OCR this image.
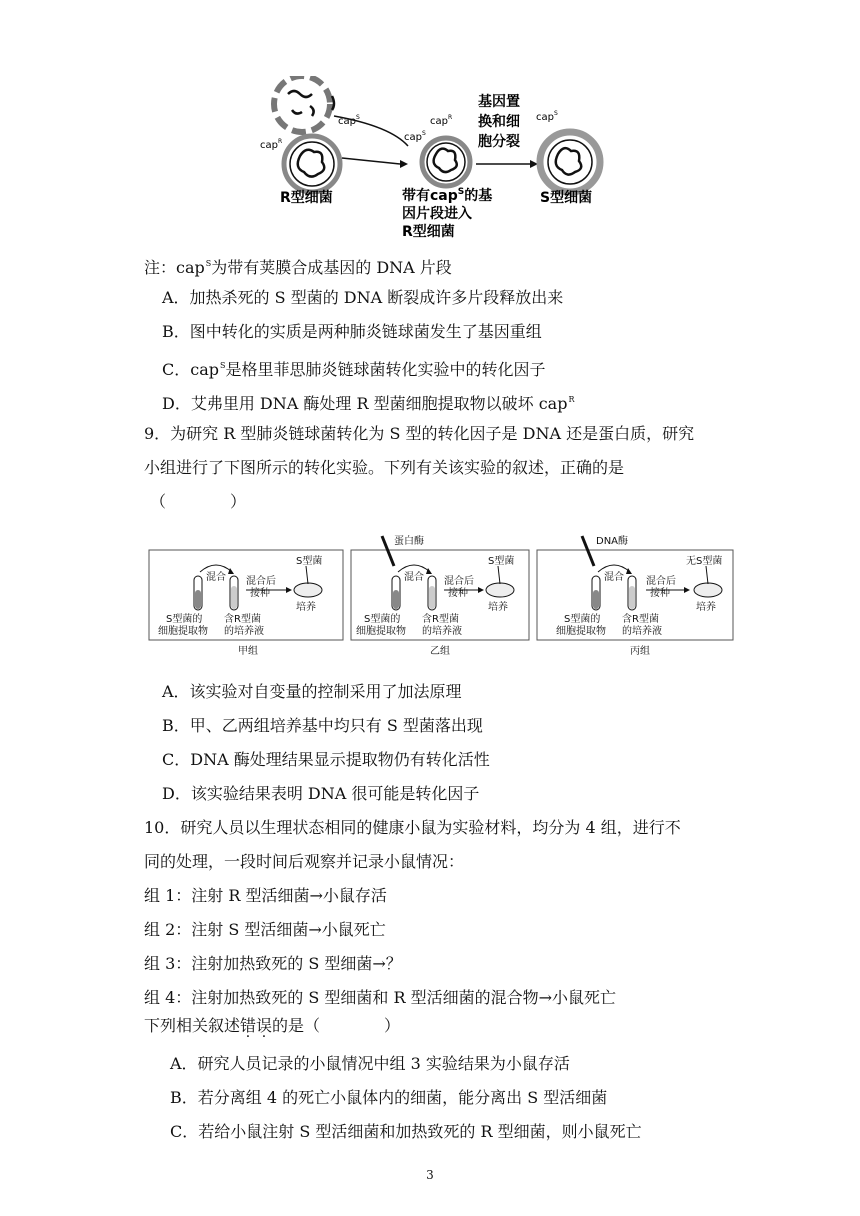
cap$^S$
cap$^R$
R型细菌
cap$^S$
cap$^R$
带有cap$^S$的基
因片段进入
R型细菌
基因置
换和细
胞分裂
cap$^S$
S型细菌
注：cap$^S$为带有荚膜合成基因的 DNA 片段
A．加热杀死的 S 型菌的 DNA 断裂成许多片段释放出来
B．图中转化的实质是两种肺炎链球菌发生了基因重组
C．cap$^S$是格里菲思肺炎链球菌转化实验中的转化因子
D．艾弗里用 DNA 酶处理 R 型菌细胞提取物以破坏 cap$^R$
9．为研究 R 型肺炎链球菌转化为 S 型的转化因子是 DNA 还是蛋白质，研究
小组进行了下图所示的转化实验。下列有关该实验的叙述，正确的是
（　　　　）
混合 混合后
接种
S型菌
培养
S型菌的
细胞提取物
含R型菌
的培养液
甲组
蛋白酶
混合 混合后
接种
S型菌
培养
S型菌的
细胞提取物
含R型菌
的培养液
乙组
DNA酶
混合 混合后
接种
无S型菌
培养
S型菌的
细胞提取物
含R型菌
的培养液
丙组
A．该实验对自变量的控制采用了加法原理
B．甲、乙两组培养基中均只有 S 型菌落出现
C．DNA 酶处理结果显示提取物仍有转化活性
D．该实验结果表明 DNA 很可能是转化因子
10．研究人员以生理状态相同的健康小鼠为实验材料，均分为 4 组，进行不
同的处理，一段时间后观察并记录小鼠情况：
组 1：注射 R 型活细菌→小鼠存活
组 2：注射 S 型活细菌→小鼠死亡
组 3：注射加热致死的 S 型细菌→？
组 4：注射加热致死的 S 型细菌和 R 型活细菌的混合物→小鼠死亡
下列相关叙述错误的是（　　　　）
A．研究人员记录的小鼠情况中组 3 实验结果为小鼠存活
B．若分离组 4 的死亡小鼠体内的细菌，能分离出 S 型活细菌
C．若给小鼠注射 S 型活细菌和加热致死的 R 型细菌，则小鼠死亡
3
